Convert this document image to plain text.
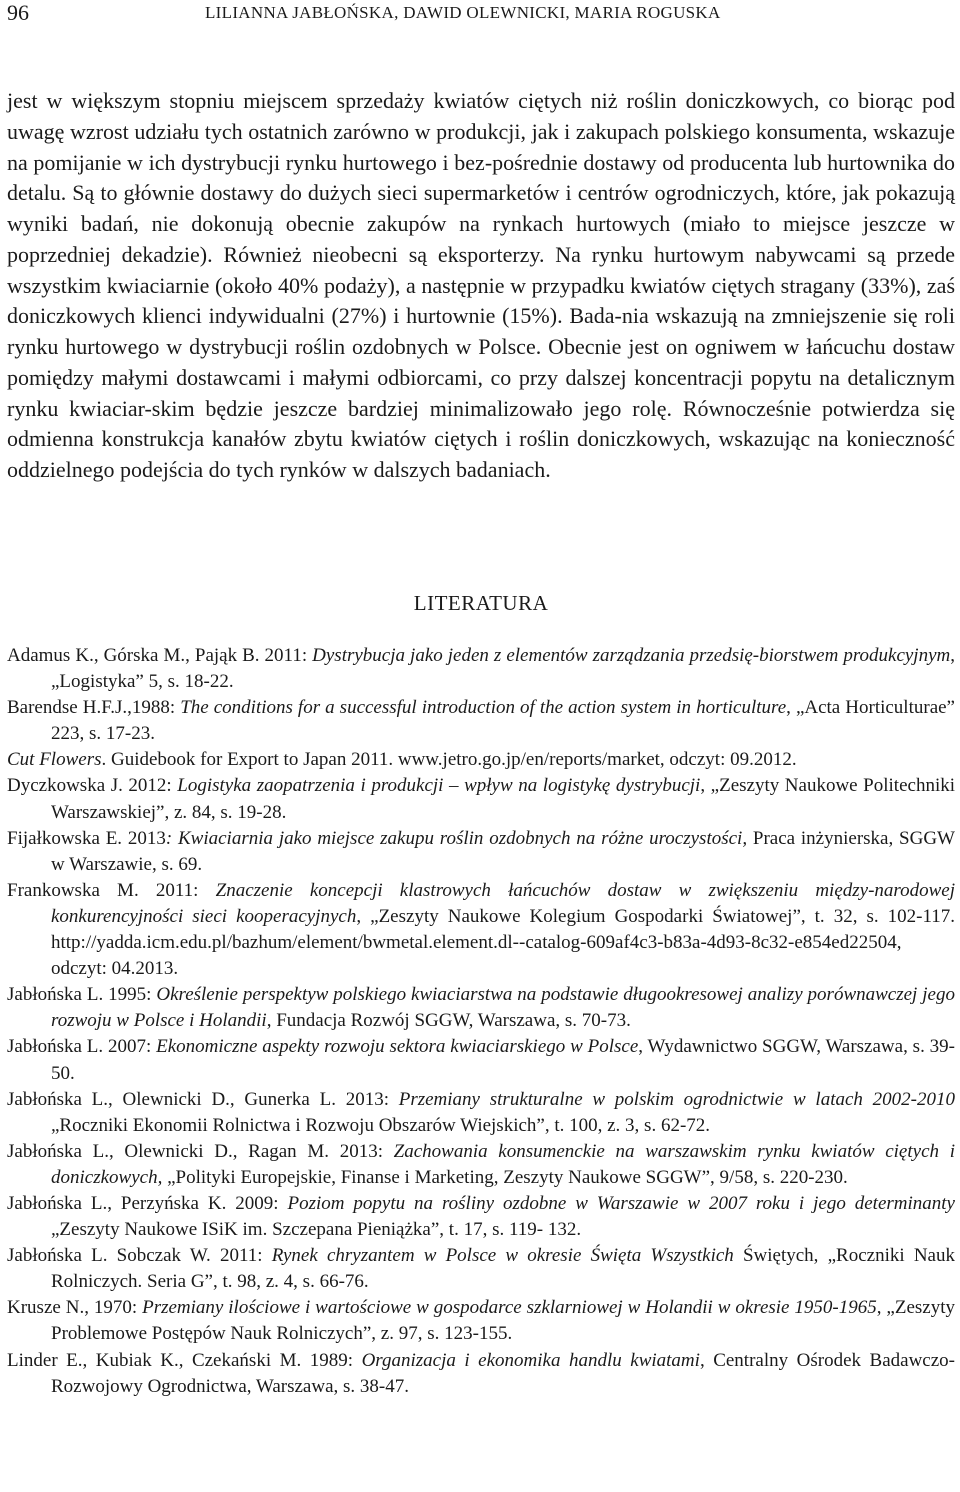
96	LILIANNA JABŁOŃSKA, DAWID OLEWNICKI, MARIA ROGUSKA

jest w większym stopniu miejscem sprzedaży kwiatów ciętych niż roślin doniczkowych, co biorąc pod uwagę wzrost udziału tych ostatnich zarówno w produkcji, jak i zakupach polskiego konsumenta, wskazuje na pomijanie w ich dystrybucji rynku hurtowego i bez-pośrednie dostawy od producenta lub hurtownika do detalu. Są to głównie dostawy do dużych sieci supermarketów i centrów ogrodniczych, które, jak pokazują wyniki badań, nie dokonują obecnie zakupów na rynkach hurtowych (miało to miejsce jeszcze w poprzedniej dekadzie). Również nieobecni są eksporterzy. Na rynku hurtowym nabywcami są przede wszystkim kwiaciarnie (około 40% podaży), a następnie w przypadku kwiatów ciętych stragany (33%), zaś doniczkowych klienci indywidualni (27%) i hurtownie (15%). Bada-nia wskazują na zmniejszenie się roli rynku hurtowego w dystrybucji roślin ozdobnych w Polsce. Obecnie jest on ogniwem w łańcuchu dostaw pomiędzy małymi dostawcami i małymi odbiorcami, co przy dalszej koncentracji popytu na detalicznym rynku kwiaciar-skim będzie jeszcze bardziej minimalizowało jego rolę. Równocześnie potwierdza się odmienna konstrukcja kanałów zbytu kwiatów ciętych i roślin doniczkowych, wskazując na konieczność oddzielnego podejścia do tych rynków w dalszych badaniach.

LITERATURA

Adamus K., Górska M., Pająk B. 2011: Dystrybucja jako jeden z elementów zarządzania przedsię-biorstwem produkcyjnym, „Logistyka” 5, s. 18-22.

Barendse H.F.J.,1988: The conditions for a successful introduction of the action system in horticulture, „Acta Horticulturae” 223, s. 17-23.

Cut Flowers. Guidebook for Export to Japan 2011. www.jetro.go.jp/en/reports/market, odczyt: 09.2012.

Dyczkowska J. 2012: Logistyka zaopatrzenia i produkcji – wpływ na logistykę dystrybucji, „Zeszyty Naukowe Politechniki Warszawskiej”, z. 84, s. 19-28.

Fijałkowska E. 2013: Kwiaciarnia jako miejsce zakupu roślin ozdobnych na różne uroczystości, Praca inżynierska, SGGW w Warszawie, s. 69.

Frankowska M. 2011: Znaczenie koncepcji klastrowych łańcuchów dostaw w zwiększeniu między-narodowej konkurencyjności sieci kooperacyjnych, „Zeszyty Naukowe Kolegium Gospodarki Światowej”, t. 32, s. 102-117. http://yadda.icm.edu.pl/bazhum/element/bwmetal.element.dl--catalog-609af4c3-b83a-4d93-8c32-e854ed22504, odczyt: 04.2013.

Jabłońska L. 1995: Określenie perspektyw polskiego kwiaciarstwa na podstawie długookresowej analizy porównawczej jego rozwoju w Polsce i Holandii, Fundacja Rozwój SGGW, Warszawa, s. 70-73.

Jabłońska L. 2007: Ekonomiczne aspekty rozwoju sektora kwiaciarskiego w Polsce, Wydawnictwo SGGW, Warszawa, s. 39-50.

Jabłońska L., Olewnicki D., Gunerka L. 2013: Przemiany strukturalne w polskim ogrodnictwie w latach 2002-2010 „Roczniki Ekonomii Rolnictwa i Rozwoju Obszarów Wiejskich”, t. 100, z. 3, s. 62-72.

Jabłońska L., Olewnicki D., Ragan M. 2013: Zachowania konsumenckie na warszawskim rynku kwiatów ciętych i doniczkowych, „Polityki Europejskie, Finanse i Marketing, Zeszyty Naukowe SGGW”, 9/58, s. 220-230.

Jabłońska L., Perzyńska K. 2009: Poziom popytu na rośliny ozdobne w Warszawie w 2007 roku i jego determinanty „Zeszyty Naukowe ISiK im. Szczepana Pieniążka”, t. 17, s. 119- 132.

Jabłońska L. Sobczak W. 2011: Rynek chryzantem w Polsce w okresie Święta Wszystkich Świętych, „Roczniki Nauk Rolniczych. Seria G”, t. 98, z. 4, s. 66-76.

Krusze N., 1970: Przemiany ilościowe i wartościowe w gospodarce szklarniowej w Holandii w okresie 1950-1965, „Zeszyty Problemowe Postępów Nauk Rolniczych”, z. 97, s. 123-155.

Linder E., Kubiak K., Czekański M. 1989: Organizacja i ekonomika handlu kwiatami, Centralny Ośrodek Badawczo-Rozwojowy Ogrodnictwa, Warszawa, s. 38-47.
